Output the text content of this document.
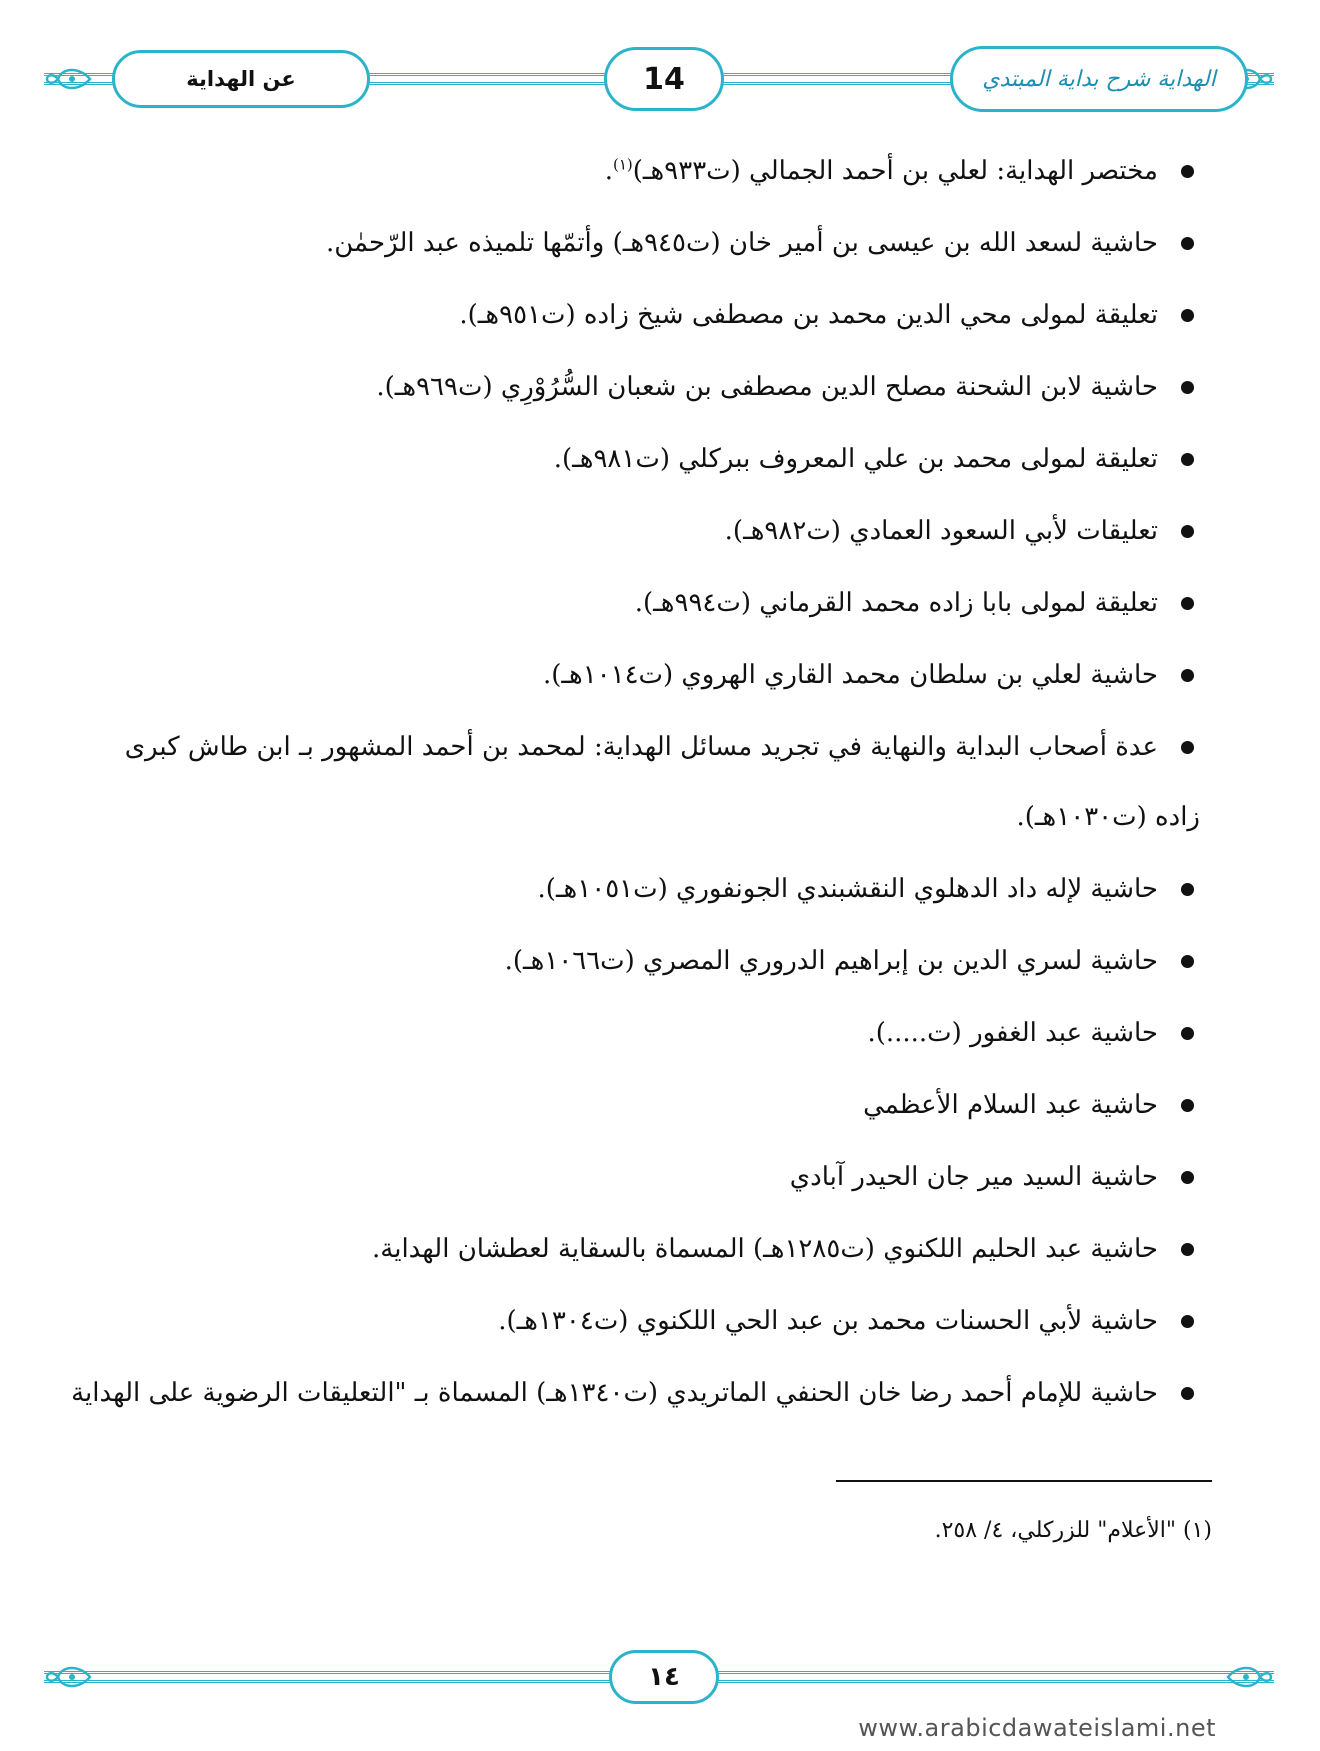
عن الهداية	14	الهداية شرح بداية المبتدي
مختصر الهداية: لعلي بن أحمد الجمالي (ت٩٣٣هـ)$^{(١)}$.
حاشية لسعد الله بن عيسى بن أمير خان (ت٩٤٥هـ) وأتمّها تلميذه عبد الرّحمٰن.
تعليقة لمولى محي الدين محمد بن مصطفى شيخ زاده (ت٩٥١هـ).
حاشية لابن الشحنة مصلح الدين مصطفى بن شعبان السُّرُوْرِي (ت٩٦٩هـ).
تعليقة لمولى محمد بن علي المعروف ببركلي (ت٩٨١هـ).
تعليقات لأبي السعود العمادي (ت٩٨٢هـ).
تعليقة لمولى بابا زاده محمد القرماني (ت٩٩٤هـ).
حاشية لعلي بن سلطان محمد القاري الهروي (ت١٠١٤هـ).
عدة أصحاب البداية والنهاية في تجريد مسائل الهداية: لمحمد بن أحمد المشهور بـ ابن طاش كبرى
زاده (ت١٠٣٠هـ).
حاشية لإله داد الدهلوي النقشبندي الجونفوري (ت١٠٥١هـ).
حاشية لسري الدين بن إبراهيم الدروري المصري (ت١٠٦٦هـ).
حاشية عبد الغفور (ت.....).
حاشية عبد السلام الأعظمي
حاشية السيد مير جان الحيدر آبادي
حاشية عبد الحليم اللكنوي (ت١٢٨٥هـ) المسماة بالسقاية لعطشان الهداية.
حاشية لأبي الحسنات محمد بن عبد الحي اللكنوي (ت١٣٠٤هـ).
حاشية للإمام أحمد رضا خان الحنفي الماتريدي (ت١٣٤٠هـ) المسماة بـ "التعليقات الرضوية على الهداية
(١) "الأعلام" للزركلي، ٤/ ٢٥٨.
١٤
www.arabicdawateislami.net
